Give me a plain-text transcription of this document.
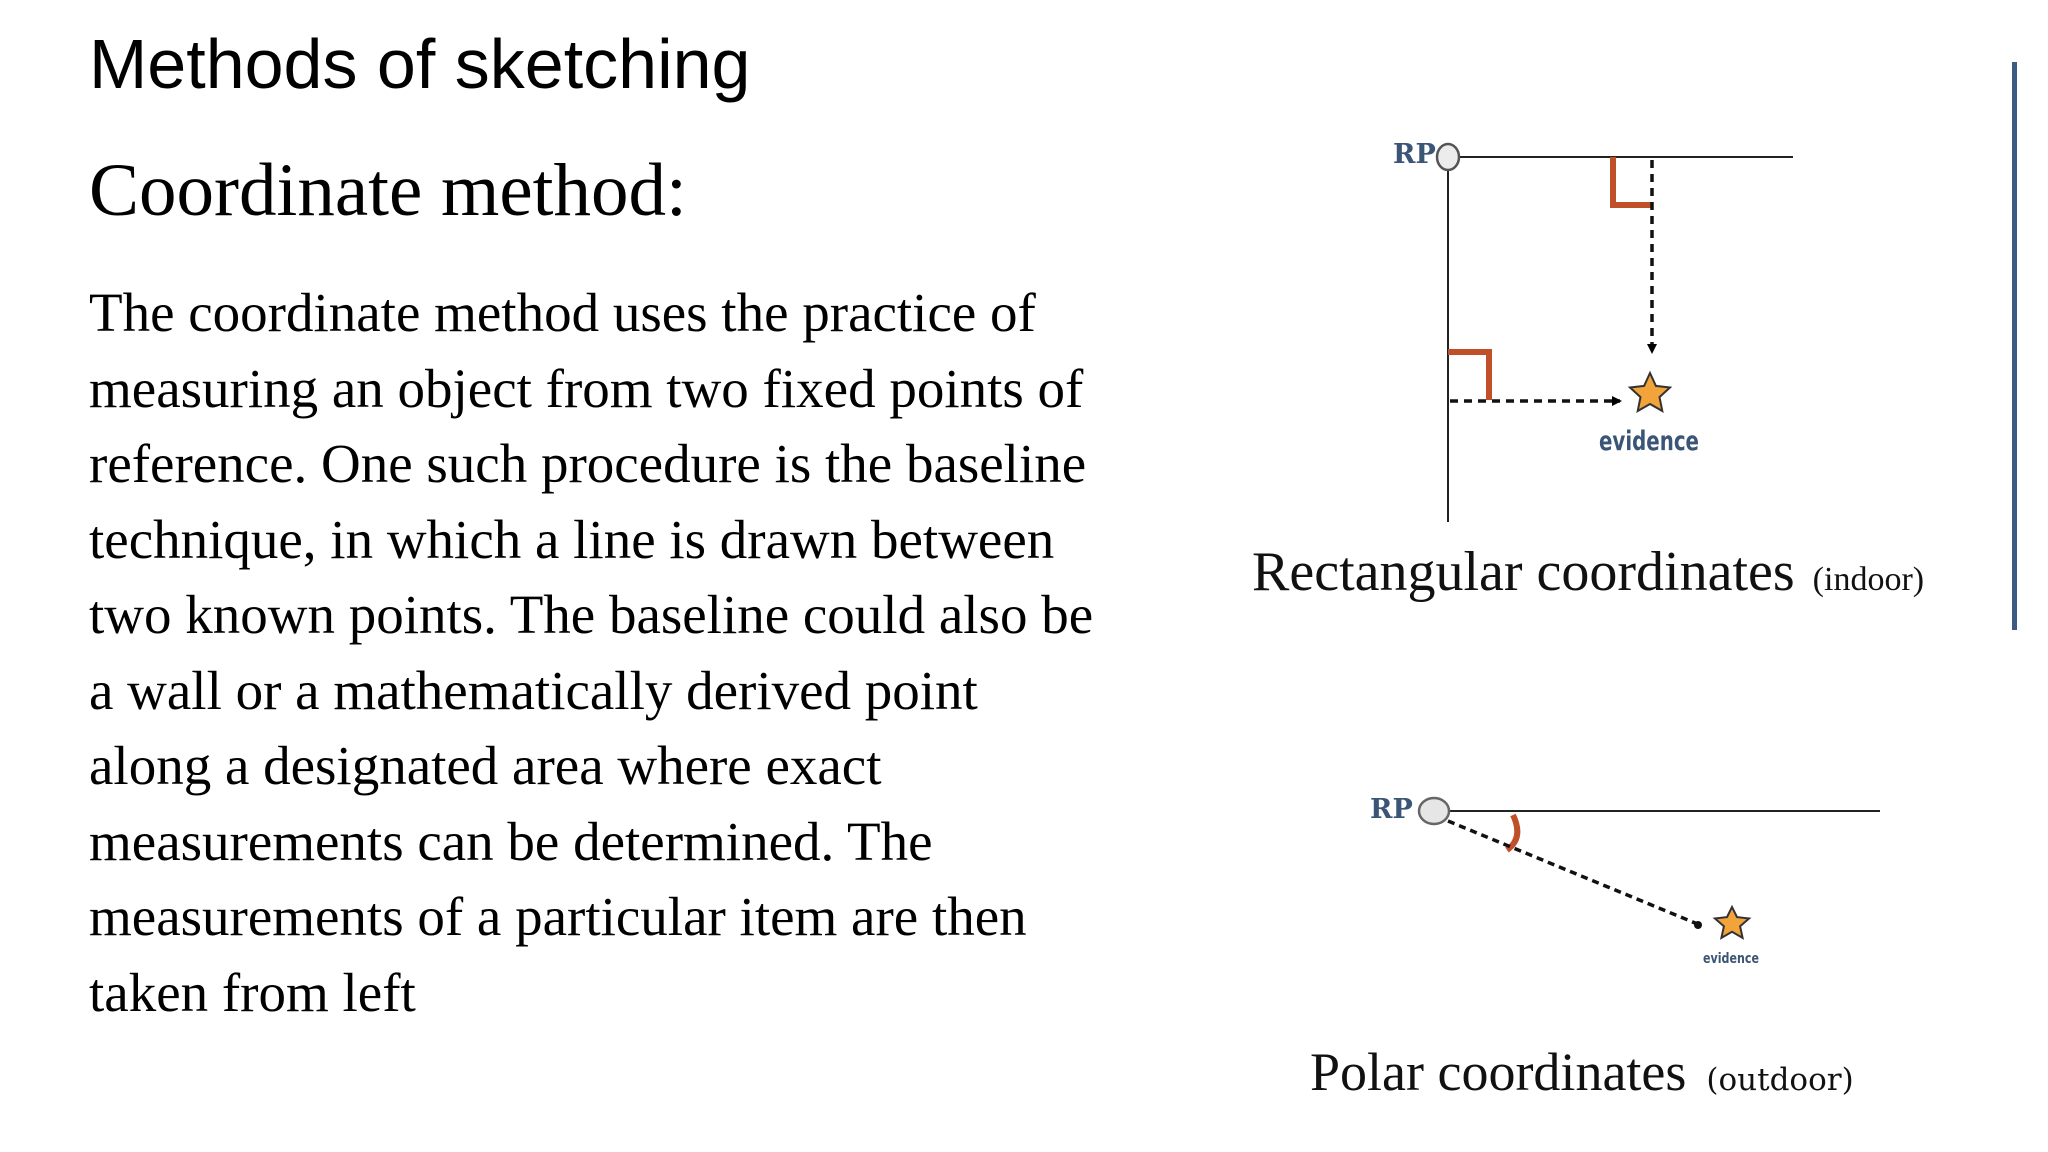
Methods of sketching
Coordinate method:

The coordinate method uses the practice of
measuring an object from two fixed points of
reference. One such procedure is the baseline
technique, in which a line is drawn between
two known points. The baseline could also be
a wall or a mathematically derived point
along a designated area where exact
measurements can be determined. The
measurements of a particular item are then
taken from left

RP
evidence
Rectangular coordinates (indoor)
RP
evidence
Polar coordinates (outdoor)
